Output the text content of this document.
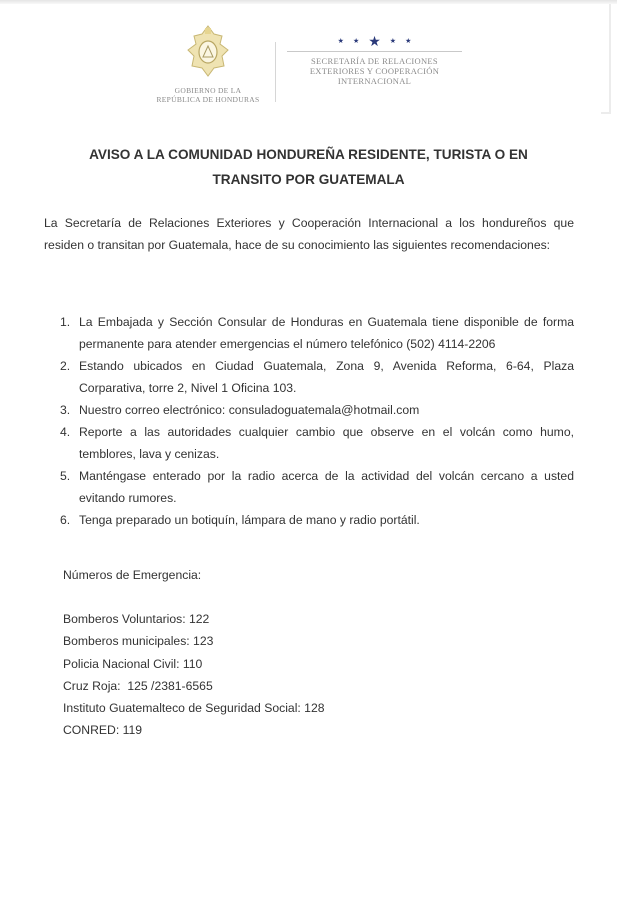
GOBIERNO DE LA
REPÚBLICA DE HONDURAS
★ ★ ★ ★ ★
SECRETARÍA DE RELACIONES
EXTERIORES Y COOPERACIÓN
INTERNACIONAL
AVISO A LA COMUNIDAD HONDUREÑA RESIDENTE, TURISTA O EN
TRANSITO POR GUATEMALA
La Secretaría de Relaciones Exteriores y Cooperación Internacional a los hondureños que residen o transitan por Guatemala, hace de su conocimiento las siguientes recomendaciones:
1. La Embajada y Sección Consular de Honduras en Guatemala tiene disponible de forma permanente para atender emergencias el número telefónico (502) 4114-2206
2. Estando ubicados en Ciudad Guatemala, Zona 9, Avenida Reforma, 6-64, Plaza Corparativa, torre 2, Nivel 1 Oficina 103.
3. Nuestro correo electrónico: consuladoguatemala@hotmail.com
4. Reporte a las autoridades cualquier cambio que observe en el volcán como humo, temblores, lava y cenizas.
5. Manténgase enterado por la radio acerca de la actividad del volcán cercano a usted evitando rumores.
6. Tenga preparado un botiquín, lámpara de mano y radio portátil.
Números de Emergencia:
Bomberos Voluntarios: 122
Bomberos municipales: 123
Policia Nacional Civil: 110
Cruz Roja:  125 /2381-6565
Instituto Guatemalteco de Seguridad Social: 128
CONRED: 119
